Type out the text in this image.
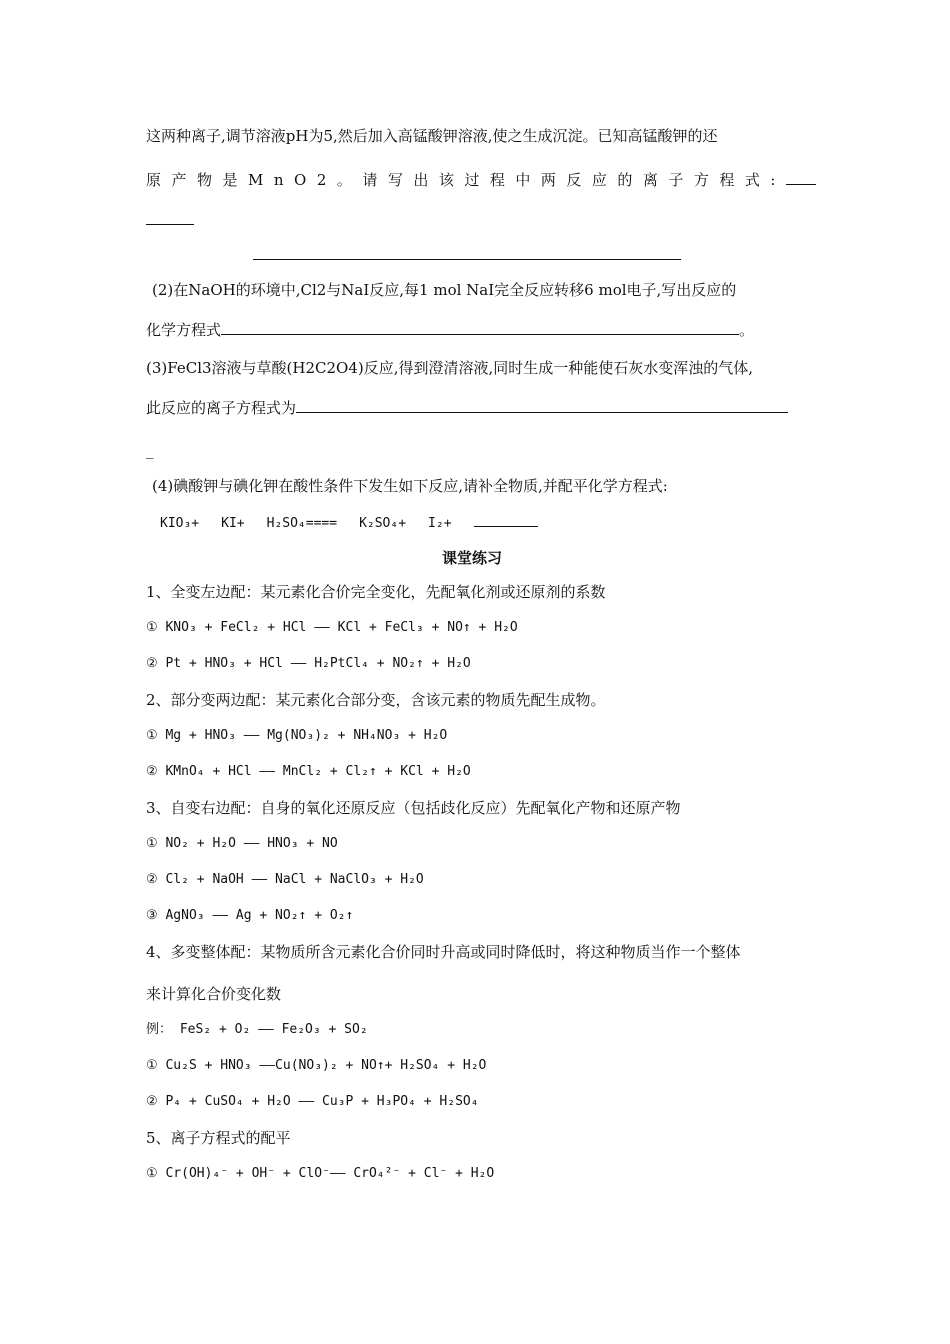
这两种离子,调节溶液pH为5,然后加入高锰酸钾溶液,使之生成沉淀。已知高锰酸钾的还
原产物是MnO2。请写出该过程中两反应的离子方程式:
(2)在NaOH的环境中,Cl2与NaI反应,每1 mol NaI完全反应转移6 mol电子,写出反应的
化学方程式	。
(3)FeCl3溶液与草酸(H2C2O4)反应,得到澄清溶液,同时生成一种能使石灰水变浑浊的气体,
此反应的离子方程式为
_
(4)碘酸钾与碘化钾在酸性条件下发生如下反应,请补全物质,并配平化学方程式:
KIO₃+ KI+ H₂SO₄==== K₂SO₄+ I₂+
课堂练习
1、全变左边配：某元素化合价完全变化，先配氧化剂或还原剂的系数
① KNO₃ + FeCl₂ + HCl —— KCl + FeCl₃ + NO↑ + H₂O
② Pt + HNO₃ + HCl —— H₂PtCl₄ + NO₂↑ + H₂O
2、部分变两边配：某元素化合部分变，含该元素的物质先配生成物。
① Mg + HNO₃ —— Mg(NO₃)₂ + NH₄NO₃ + H₂O
② KMnO₄ + HCl —— MnCl₂ + Cl₂↑ + KCl + H₂O
3、自变右边配：自身的氧化还原反应（包括歧化反应）先配氧化产物和还原产物
① NO₂ + H₂O —— HNO₃ + NO
② Cl₂ + NaOH —— NaCl + NaClO₃ + H₂O
③ AgNO₃ —— Ag + NO₂↑ + O₂↑
4、多变整体配：某物质所含元素化合价同时升高或同时降低时，将这种物质当作一个整体
来计算化合价变化数
例： FeS₂ + O₂ —— Fe₂O₃ + SO₂
① Cu₂S + HNO₃ ——Cu(NO₃)₂ + NO↑+ H₂SO₄ + H₂O
② P₄ + CuSO₄ + H₂O —— Cu₃P + H₃PO₄ + H₂SO₄
5、离子方程式的配平
① Cr(OH)₄⁻ + OH⁻ + ClO⁻—— CrO₄²⁻ + Cl⁻ + H₂O
